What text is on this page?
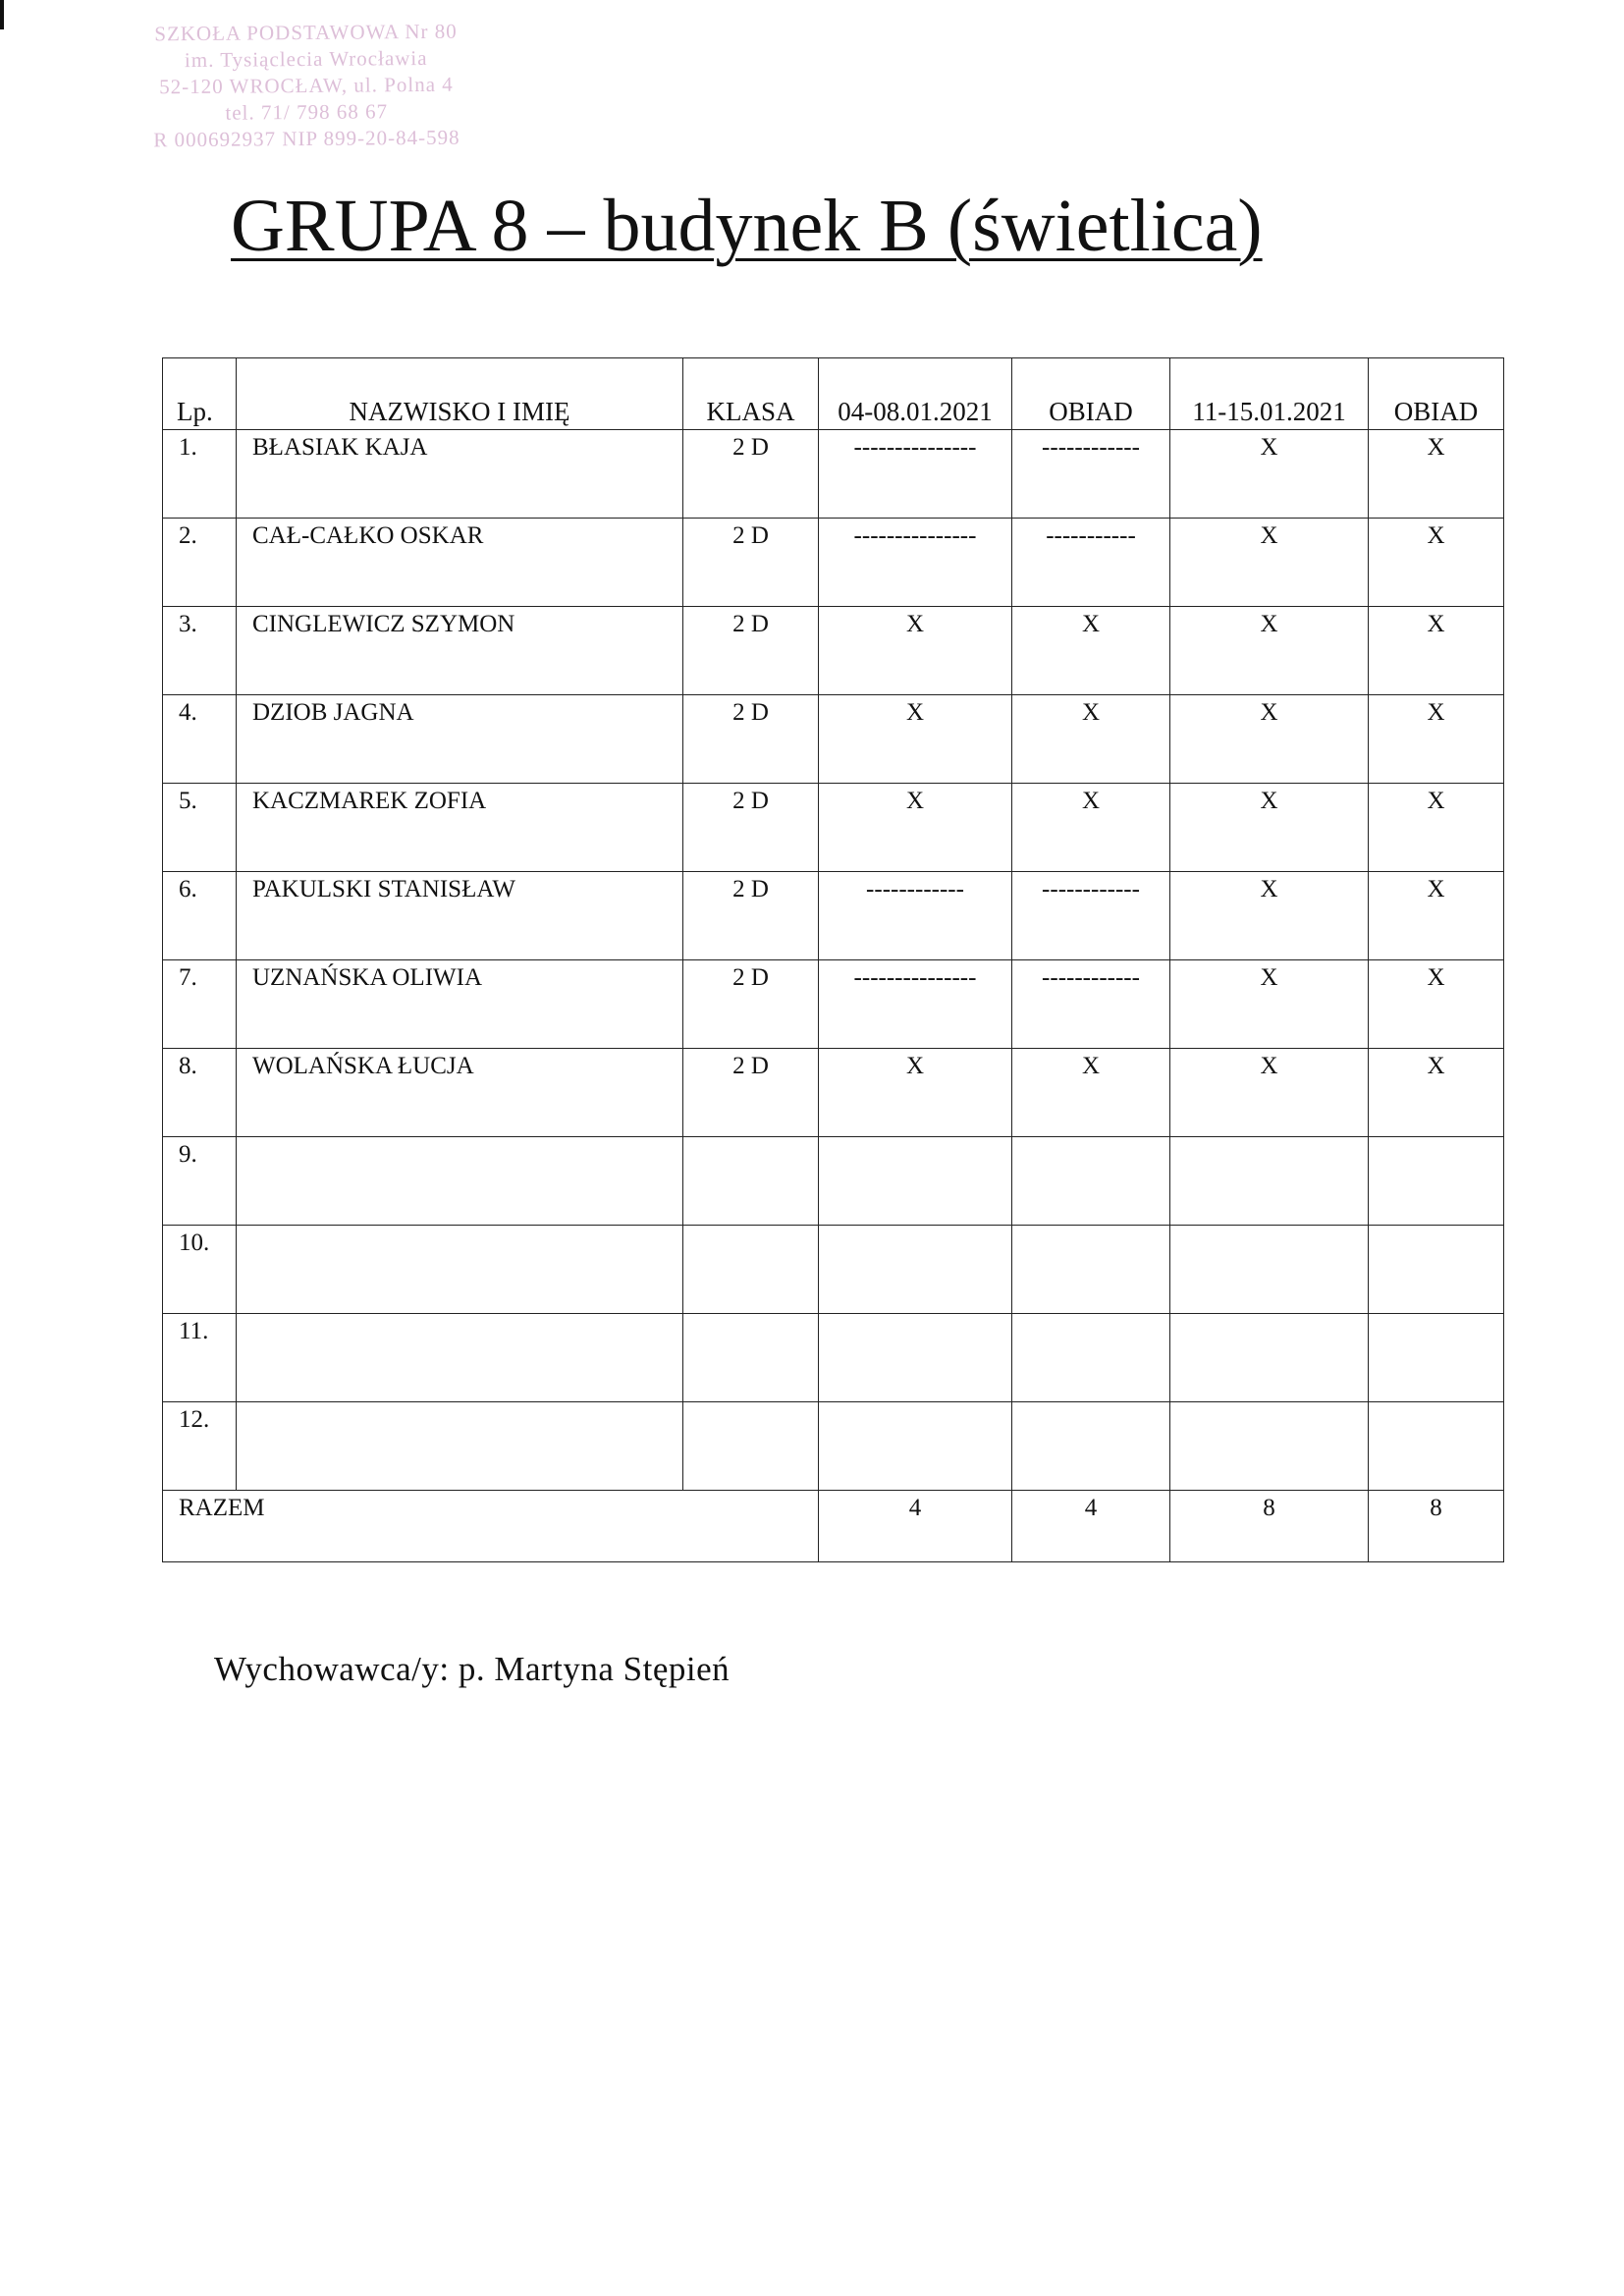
SZKOŁA PODSTAWOWA Nr 80
im. Tysiąclecia Wrocławia
52-120 WROCŁAW, ul. Polna 4
tel. 71/ 798 68 67
R 000692937 NIP 899-20-84-598
GRUPA 8 – budynek B (świetlica)
Lp.	NAZWISKO I IMIĘ	KLASA	04-08.01.2021	OBIAD	11-15.01.2021	OBIAD
1.	BŁASIAK KAJA	2 D	---------------	------------	X	X
2.	CAŁ-CAŁKO OSKAR	2 D	---------------	-----------	X	X
3.	CINGLEWICZ SZYMON	2 D	X	X	X	X
4.	DZIOB JAGNA	2 D	X	X	X	X
5.	KACZMAREK ZOFIA	2 D	X	X	X	X
6.	PAKULSKI STANISŁAW	2 D	------------	------------	X	X
7.	UZNAŃSKA OLIWIA	2 D	---------------	------------	X	X
8.	WOLAŃSKA ŁUCJA	2 D	X	X	X	X
9.						
10.						
11.						
12.						
RAZEM			4	4	8	8
Wychowawca/y: p. Martyna Stępień
